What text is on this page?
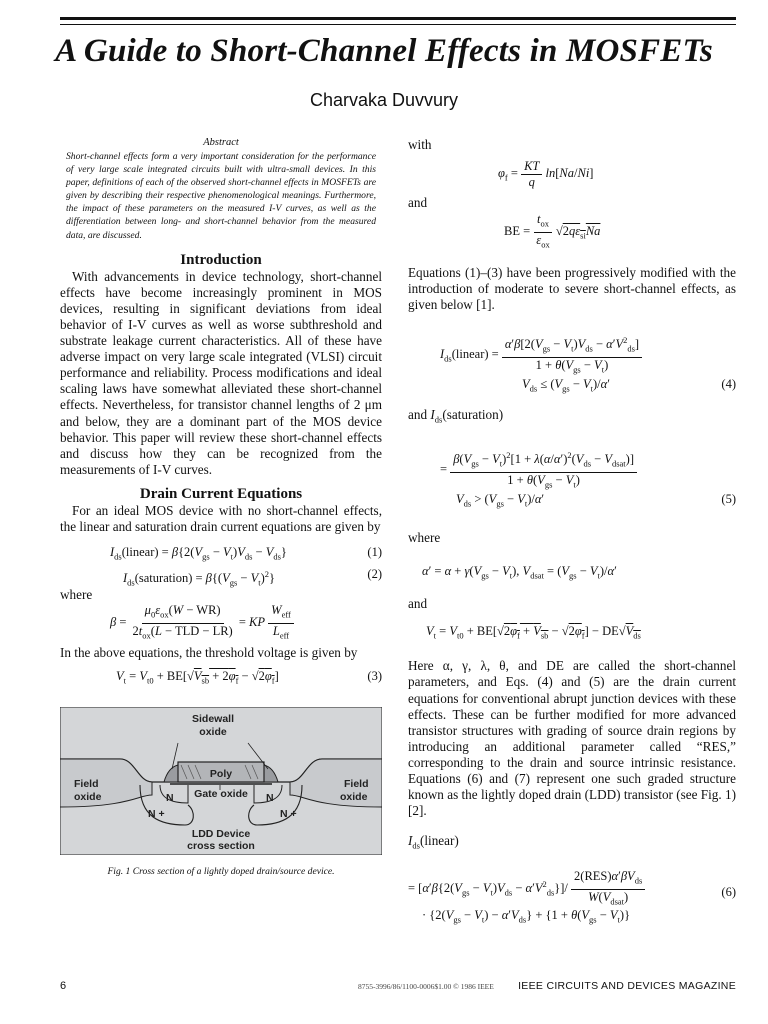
A Guide to Short-Channel Effects in MOSFETs
Charvaka Duvvury
Abstract
Short-channel effects form a very important consideration for the performance of very large scale integrated circuits built with ultra-small devices. In this paper, definitions of each of the observed short-channel effects in MOSFETs are given by describing their respective phenomenological meanings. Furthermore, the impact of these parameters on the measured I-V curves, as well as the differentiation between long- and short-channel behavior from the measured data, are discussed.
Introduction
With advancements in device technology, short-channel effects have become increasingly prominent in MOS devices, resulting in significant deviations from ideal behavior of I-V curves as well as worse subthreshold and substrate leakage current characteristics. All of these have adverse impact on very large scale integrated (VLSI) circuit performance and reliability. Process modifications and ideal scaling laws have somewhat alleviated these short-channel effects. Nevertheless, for transistor channel lengths of 2 μm and below, they are a dominant part of the MOS device behavior. This paper will review these short-channel effects and discuss how they can be recognized from the measurements of I-V curves.
Drain Current Equations
For an ideal MOS device with no short-channel effects, the linear and saturation drain current equations are given by
$I_{ds}(linear) = \beta\{2(V_{gs} - V_t)V_{ds} - V_{ds}\}$	(1)
$I_{ds}(saturation) = \beta\{(V_{gs} - V_t)^2\}$	(2)
where
$\beta = \frac{\mu_0\varepsilon_{ox}(W - WR)}{2t_{ox}(L - TLD - LR)}$ = KP $\frac{W_{eff}}{L_{eff}}$
In the above equations, the threshold voltage is given by
$V_t = V_{t0} + BE[√V_{sb} + 2\varphi_f - √2\varphi_f]$	(3)
Sidewall
oxide
Poly
Gate oxide
Field
oxide
Field
oxide
N	N
N +	N +
LDD Device
cross section
Fig. 1 Cross section of a lightly doped drain/source device.
with
$\varphi_f = \frac{KT}{q} \ln[Na/Ni]$
and
BE = $\frac{t_{ox}}{\varepsilon_{ox}} √2q\varepsilon_{si}Na$
Equations (1)–(3) have been progressively modified with the introduction of moderate to severe short-channel effects, as given below [1].
$I_{ds}(linear) = \frac{\alpha'\beta[2(V_{gs} - V_t)V_{ds} - \alpha'V^2_{ds}]}{1 + \theta(V_{gs} - V_t)}$
$V_{ds} \le (V_{gs} - V_t)/\alpha'$	(4)
and $I_{ds}(saturation)$
= $\frac{\beta(V_{gs} - V_t)^2[1 + \lambda(\alpha/\alpha')^2(V_{ds} - V_{dsat})]}{1 + \theta(V_{gs} - V_t)}$
$V_{ds} > (V_{gs} - V_t)/\alpha'$	(5)
where
$\alpha' = \alpha + \gamma(V_{gs} - V_t)$, $V_{dsat} = (V_{gs} - V_t)/\alpha'$
and
$V_t = V_{t0} + BE[√2\varphi_f + V_{sb} - √2\varphi_f] - DE√V_{ds}$
Here α, γ, λ, θ, and DE are called the short-channel parameters, and Eqs. (4) and (5) are the drain current equations for conventional abrupt junction devices with these effects. These can be further modified for more advanced transistor structures with grading of source drain regions by introducing an additional parameter called “RES,” corresponding to the drain and source intrinsic resistance. Equations (6) and (7) represent one such graded structure known as the lightly doped drain (LDD) transistor (see Fig. 1) [2].
$I_{ds}(linear)$
= $[\alpha'\beta\{2(V_{gs} - V_t)V_{ds} - \alpha'V^2_{ds}\}]/ \frac{2(RES)\alpha'\beta V_{ds}}{W(V_{dsat})}$	(6)
· $\{2(V_{gs} - V_t) - \alpha'V_{ds}\} + \{1 + \theta(V_{gs} - V_t)\}$
6	8755-3996/86/1100-0006$1.00 © 1986 IEEE IEEE CIRCUITS AND DEVICES MAGAZINE
